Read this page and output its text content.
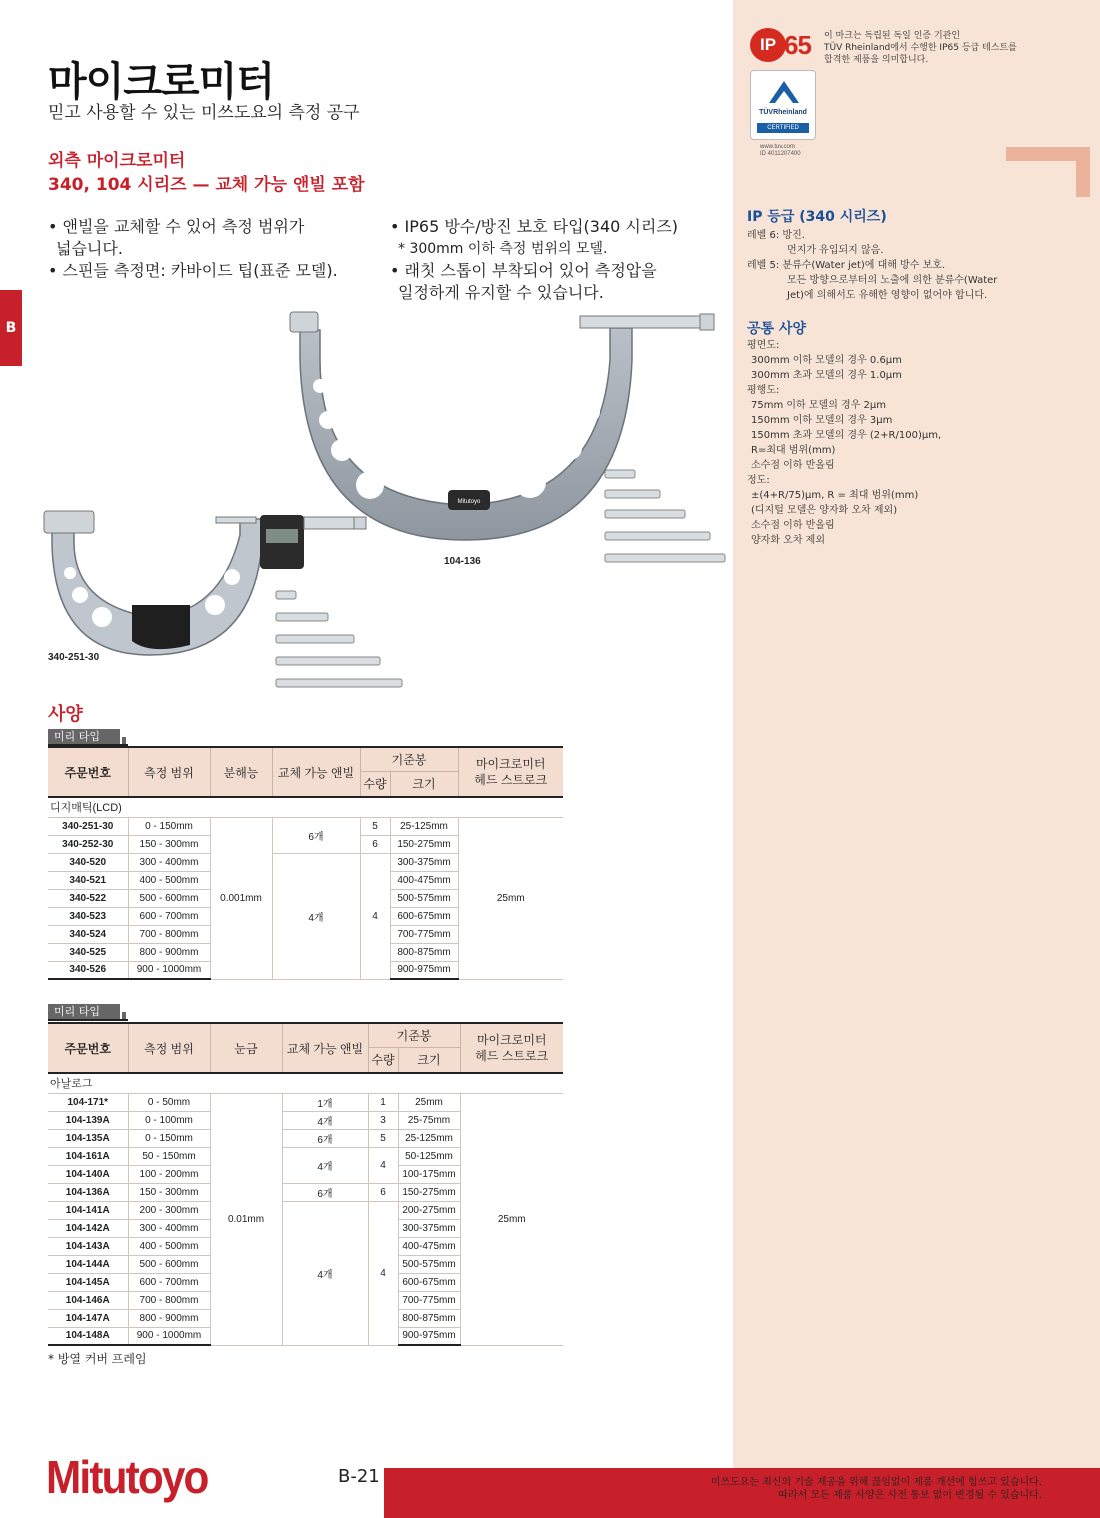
IP 65 이 마크는 독립된 독일 인증 기관인
TÜV Rheinland에서 수행한 IP65 등급 테스트를
합격한 제품을 의미합니다.
TÜVRheinland
CERTIFIED
www.tuv.com
ID 4011207400
IP 등급 (340 시리즈)
레벨 6: 방진.
먼지가 유입되지 않음.
레벨 5: 분류수(Water jet)에 대해 방수 보호.
모든 방향으로부터의 노출에 의한 분류수(Water
Jet)에 의해서도 유해한 영향이 없어야 합니다.
공통 사양
평면도:
300mm 이하 모델의 경우 0.6μm
300mm 초과 모델의 경우 1.0μm
평행도:
75mm 이하 모델의 경우 2μm
150mm 이하 모델의 경우 3μm
150mm 초과 모델의 경우 (2+R/100)μm,
R=최대 범위(mm)
소수점 이하 반올림
정도:
±(4+R/75)μm, R = 최대 범위(mm)
(디지털 모델은 양자화 오차 제외)
소수점 이하 반올림
양자화 오차 제외
마이크로미터
믿고 사용할 수 있는 미쓰도요의 측정 공구
외측 마이크로미터
340, 104 시리즈 — 교체 가능 앤빌 포함
B
• 앤빌을 교체할 수 있어 측정 범위가
넓습니다.
• 스핀들 측정면: 카바이드 팁(표준 모델).
• IP65 방수/방진 보호 타입(340 시리즈)
* 300mm 이하 측정 범위의 모델.
• 래칫 스톱이 부착되어 있어 측정압을
일정하게 유지할 수 있습니다.
Mitutoyo
104-136
340-251-30
사양
미리 타입
주문번호	측정 범위	분해능	교체 가능 앤빌	기준봉		마이크로미터
헤드 스트로크
				수량	크기	
디지매틱(LCD)						
340-251-30	0 - 150mm	0.001mm	6개	5	25-125mm	25mm
340-252-30	150 - 300mm			6	150-275mm	
340-520	300 - 400mm		4개	4	300-375mm	
340-521	400 - 500mm				400-475mm	
340-522	500 - 600mm				500-575mm	
340-523	600 - 700mm				600-675mm	
340-524	700 - 800mm				700-775mm	
340-525	800 - 900mm				800-875mm	
340-526	900 - 1000mm				900-975mm	
미리 타입
주문번호	측정 범위	눈금	교체 가능 앤빌	기준봉		마이크로미터
헤드 스트로크
				수량	크기	
아날로그						
104-171*	0 - 50mm	0.01mm	1개	1	25mm	25mm
104-139A	0 - 100mm		4개	3	25-75mm	
104-135A	0 - 150mm		6개	5	25-125mm	
104-161A	50 - 150mm		4개	4	50-125mm	
104-140A	100 - 200mm				100-175mm	
104-136A	150 - 300mm		6개	6	150-275mm	
104-141A	200 - 300mm		4개	4	200-275mm	
104-142A	300 - 400mm				300-375mm	
104-143A	400 - 500mm				400-475mm	
104-144A	500 - 600mm				500-575mm	
104-145A	600 - 700mm				600-675mm	
104-146A	700 - 800mm				700-775mm	
104-147A	800 - 900mm				800-875mm	
104-148A	900 - 1000mm				900-975mm	
* 방열 커버 프레임
Mitutoyo	B-21	미쓰도요는 최신의 기술 제공을 위해 끊임없이 제품 개선에 힘쓰고 있습니다.
따라서 모든 제품 사양은 사전 통보 없이 변경될 수 있습니다.
